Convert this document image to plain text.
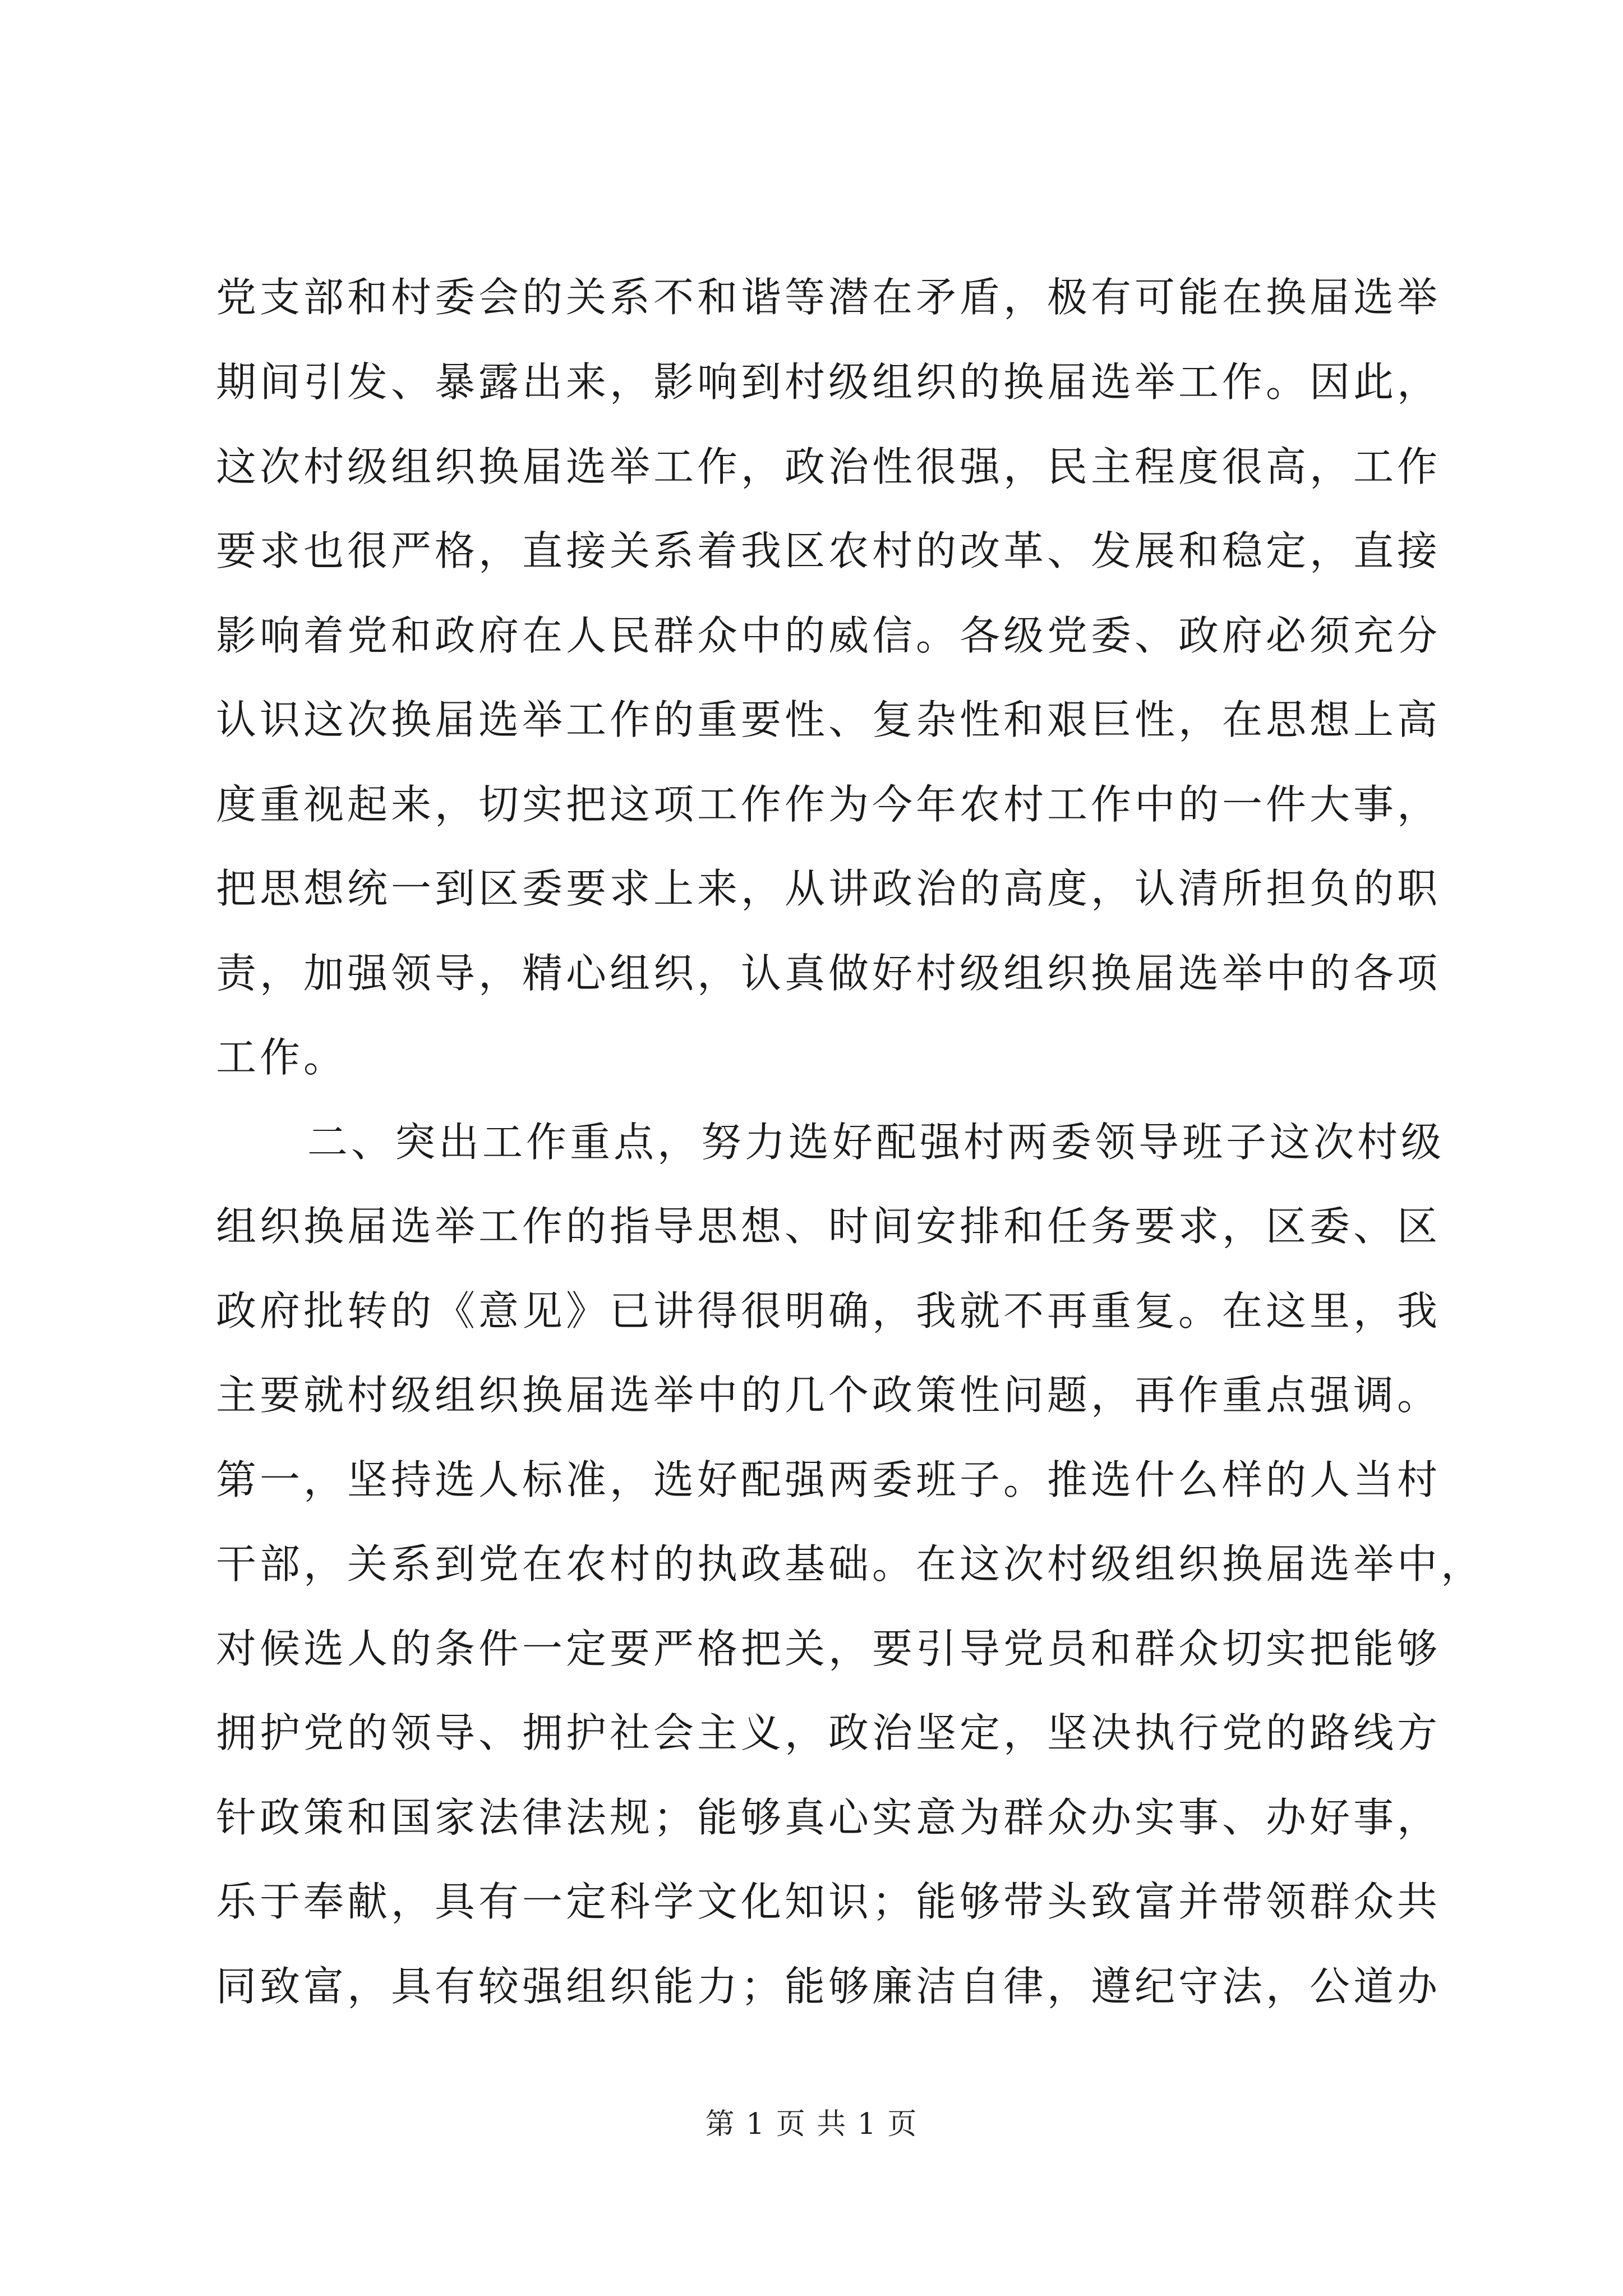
党支部和村委会的关系不和谐等潜在矛盾，极有可能在换届选举
期间引发、暴露出来，影响到村级组织的换届选举工作。因此，
这次村级组织换届选举工作，政治性很强，民主程度很高，工作
要求也很严格，直接关系着我区农村的改革、发展和稳定，直接
影响着党和政府在人民群众中的威信。各级党委、政府必须充分
认识这次换届选举工作的重要性、复杂性和艰巨性，在思想上高
度重视起来，切实把这项工作作为今年农村工作中的一件大事，
把思想统一到区委要求上来，从讲政治的高度，认清所担负的职
责，加强领导，精心组织，认真做好村级组织换届选举中的各项
工作。
二、突出工作重点，努力选好配强村两委领导班子这次村级
组织换届选举工作的指导思想、时间安排和任务要求，区委、区
政府批转的《意见》已讲得很明确，我就不再重复。在这里，我
主要就村级组织换届选举中的几个政策性问题，再作重点强调。
第一，坚持选人标准，选好配强两委班子。推选什么样的人当村
干部，关系到党在农村的执政基础。在这次村级组织换届选举中，
对候选人的条件一定要严格把关，要引导党员和群众切实把能够
拥护党的领导、拥护社会主义，政治坚定，坚决执行党的路线方
针政策和国家法律法规；能够真心实意为群众办实事、办好事，
乐于奉献，具有一定科学文化知识；能够带头致富并带领群众共
同致富，具有较强组织能力；能够廉洁自律，遵纪守法，公道办
第 1 页 共 1 页
